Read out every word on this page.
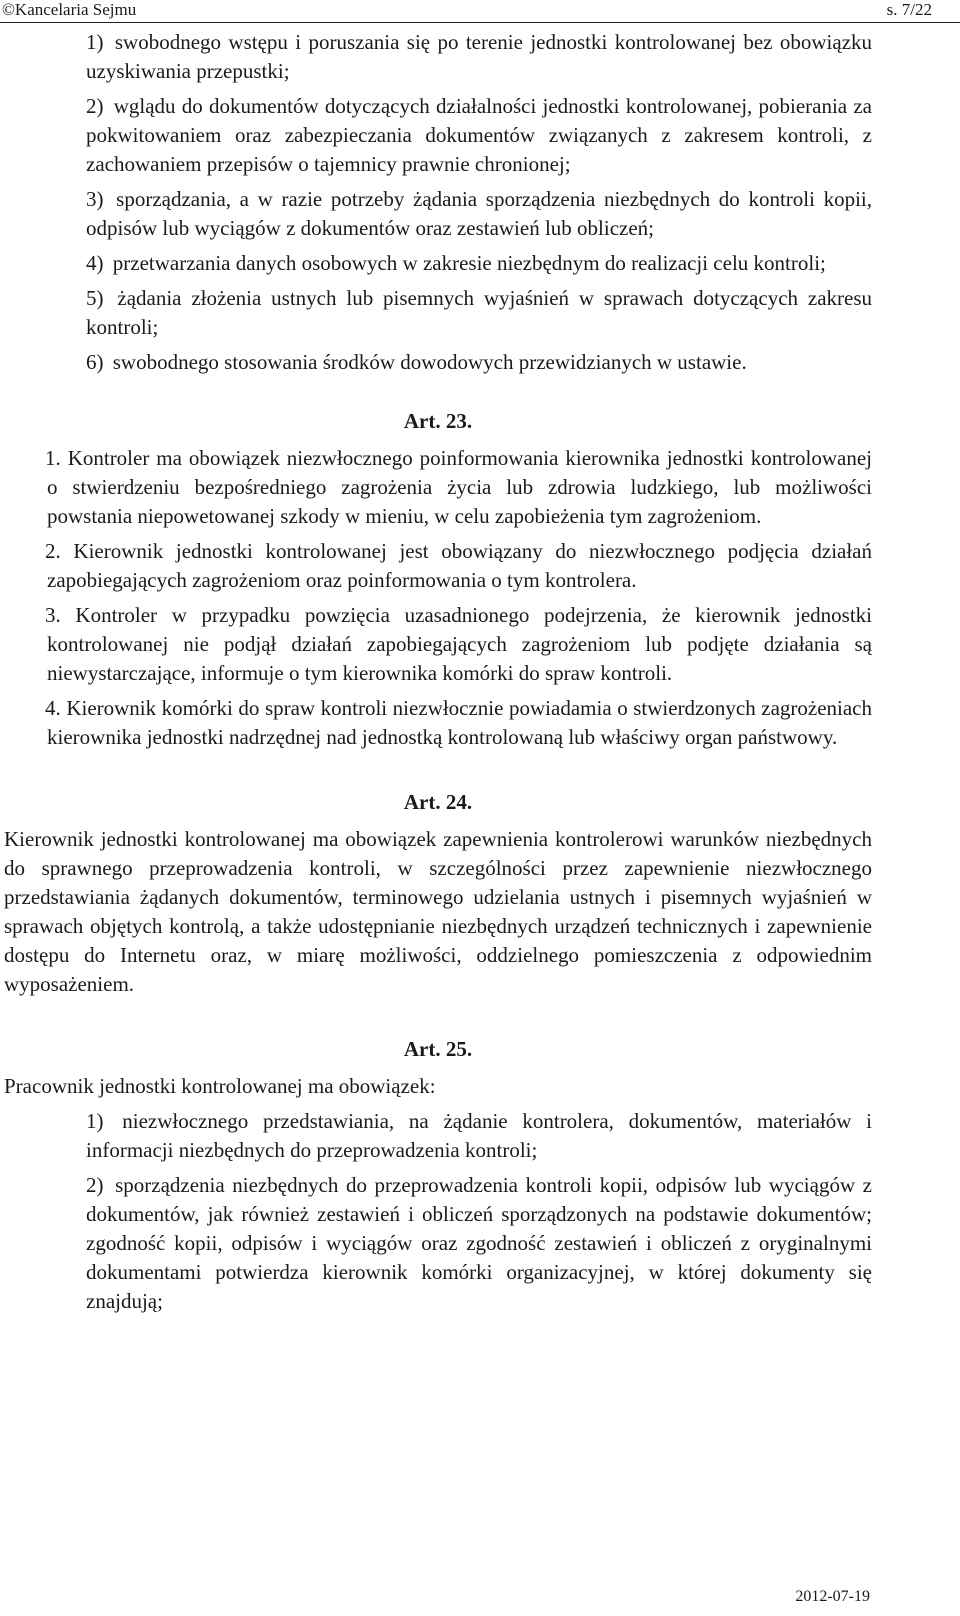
©Kancelaria Sejmu	s. 7/22
1) swobodnego wstępu i poruszania się po terenie jednostki kontrolowanej bez obowiązku uzyskiwania przepustki;
2) wglądu do dokumentów dotyczących działalności jednostki kontrolowanej, pobierania za pokwitowaniem oraz zabezpieczania dokumentów związanych z zakresem kontroli, z zachowaniem przepisów o tajemnicy prawnie chronionej;
3) sporządzania, a w razie potrzeby żądania sporządzenia niezbędnych do kontroli kopii, odpisów lub wyciągów z dokumentów oraz zestawień lub obliczeń;
4) przetwarzania danych osobowych w zakresie niezbędnym do realizacji celu kontroli;
5) żądania złożenia ustnych lub pisemnych wyjaśnień w sprawach dotyczących zakresu kontroli;
6) swobodnego stosowania środków dowodowych przewidzianych w ustawie.
Art. 23.
1. Kontroler ma obowiązek niezwłocznego poinformowania kierownika jednostki kontrolowanej o stwierdzeniu bezpośredniego zagrożenia życia lub zdrowia ludzkiego, lub możliwości powstania niepowetowanej szkody w mieniu, w celu zapobieżenia tym zagrożeniom.
2. Kierownik jednostki kontrolowanej jest obowiązany do niezwłocznego podjęcia działań zapobiegających zagrożeniom oraz poinformowania o tym kontrolera.
3. Kontroler w przypadku powzięcia uzasadnionego podejrzenia, że kierownik jednostki kontrolowanej nie podjął działań zapobiegających zagrożeniom lub podjęte działania są niewystarczające, informuje o tym kierownika komórki do spraw kontroli.
4. Kierownik komórki do spraw kontroli niezwłocznie powiadamia o stwierdzonych zagrożeniach kierownika jednostki nadrzędnej nad jednostką kontrolowaną lub właściwy organ państwowy.
Art. 24.
Kierownik jednostki kontrolowanej ma obowiązek zapewnienia kontrolerowi warunków niezbędnych do sprawnego przeprowadzenia kontroli, w szczególności przez zapewnienie niezwłocznego przedstawiania żądanych dokumentów, terminowego udzielania ustnych i pisemnych wyjaśnień w sprawach objętych kontrolą, a także udostępnianie niezbędnych urządzeń technicznych i zapewnienie dostępu do Internetu oraz, w miarę możliwości, oddzielnego pomieszczenia z odpowiednim wyposażeniem.
Art. 25.
Pracownik jednostki kontrolowanej ma obowiązek:
1) niezwłocznego przedstawiania, na żądanie kontrolera, dokumentów, materiałów i informacji niezbędnych do przeprowadzenia kontroli;
2) sporządzenia niezbędnych do przeprowadzenia kontroli kopii, odpisów lub wyciągów z dokumentów, jak również zestawień i obliczeń sporządzonych na podstawie dokumentów; zgodność kopii, odpisów i wyciągów oraz zgodność zestawień i obliczeń z oryginalnymi dokumentami potwierdza kierownik komórki organizacyjnej, w której dokumenty się znajdują;
2012-07-19
